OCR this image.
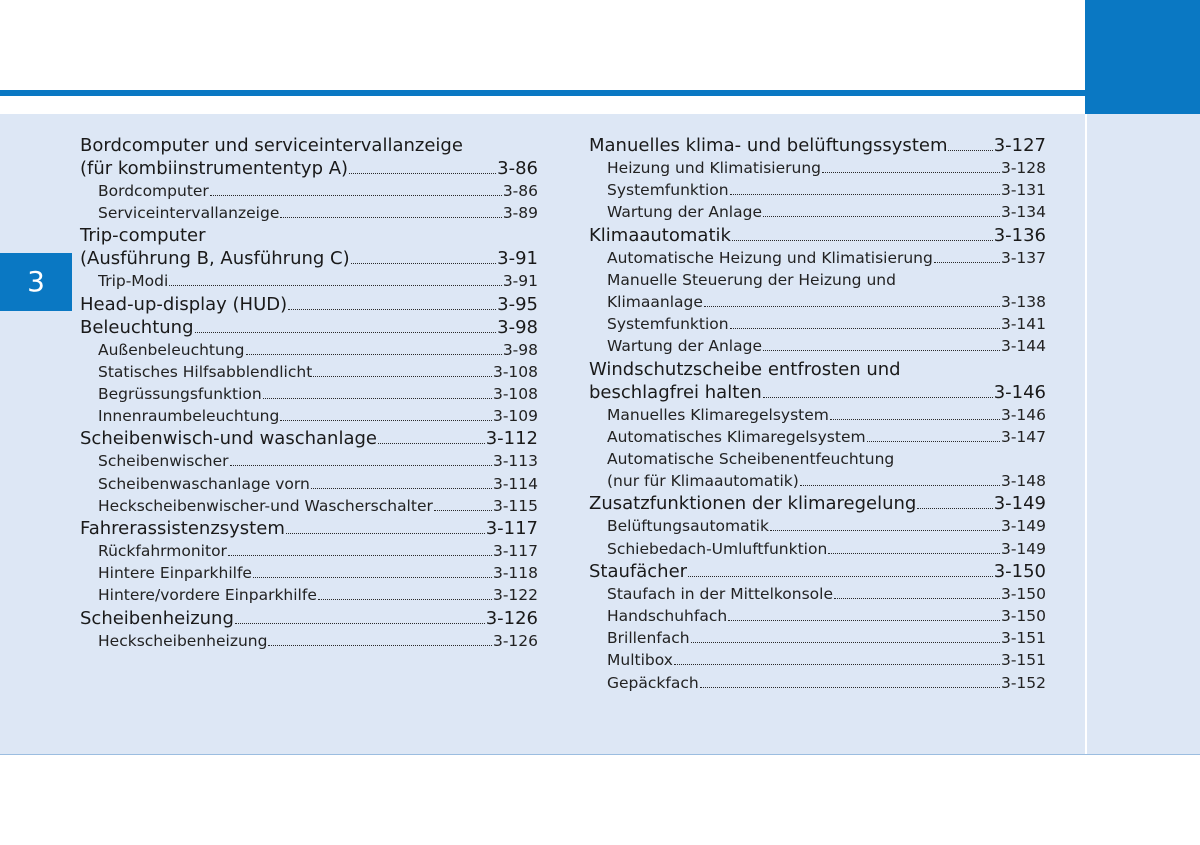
3
Bordcomputer und serviceintervallanzeige
(für kombiinstrumententyp A)	3-86
Bordcomputer	3-86
Serviceintervallanzeige	3-89
Trip-computer
(Ausführung B, Ausführung C)	3-91
Trip-Modi	3-91
Head-up-display (HUD)	3-95
Beleuchtung	3-98
Außenbeleuchtung	3-98
Statisches Hilfsabblendlicht	3-108
Begrüssungsfunktion	3-108
Innenraumbeleuchtung	3-109
Scheibenwisch-und waschanlage	3-112
Scheibenwischer	3-113
Scheibenwaschanlage vorn	3-114
Heckscheibenwischer-und Wascherschalter	3-115
Fahrerassistenzsystem	3-117
Rückfahrmonitor	3-117
Hintere Einparkhilfe	3-118
Hintere/vordere Einparkhilfe	3-122
Scheibenheizung	3-126
Heckscheibenheizung	3-126
Manuelles klima- und belüftungssystem	3-127
Heizung und Klimatisierung	3-128
Systemfunktion	3-131
Wartung der Anlage	3-134
Klimaautomatik	3-136
Automatische Heizung und Klimatisierung	3-137
Manuelle Steuerung der Heizung und
Klimaanlage	3-138
Systemfunktion	3-141
Wartung der Anlage	3-144
Windschutzscheibe entfrosten und
beschlagfrei halten	3-146
Manuelles Klimaregelsystem	3-146
Automatisches Klimaregelsystem	3-147
Automatische Scheibenentfeuchtung
(nur für Klimaautomatik)	3-148
Zusatzfunktionen der klimaregelung	3-149
Belüftungsautomatik	3-149
Schiebedach-Umluftfunktion	3-149
Staufächer	3-150
Staufach in der Mittelkonsole	3-150
Handschuhfach	3-150
Brillenfach	3-151
Multibox	3-151
Gepäckfach	3-152
